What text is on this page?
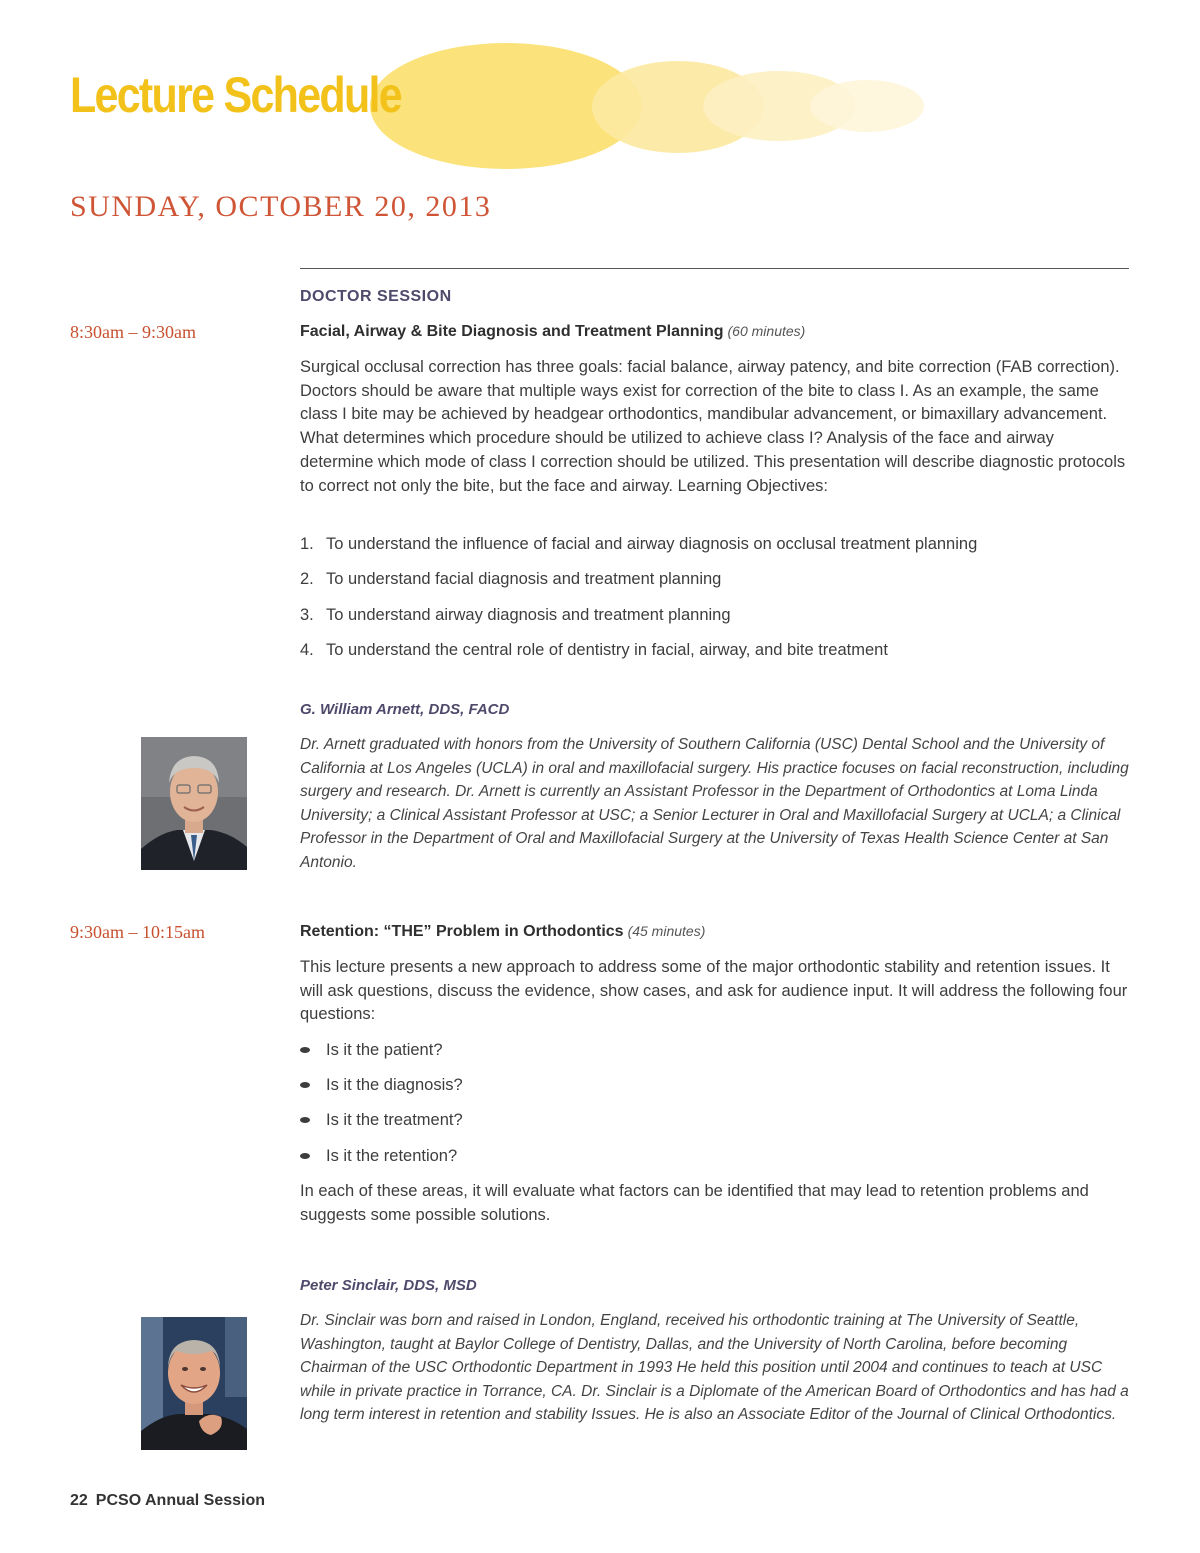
Lecture Schedule
SUNDAY, OCTOBER 20, 2013
DOCTOR SESSION
8:30am – 9:30am	Facial, Airway & Bite Diagnosis and Treatment Planning (60 minutes)

Surgical occlusal correction has three goals: facial balance, airway patency, and bite correction (FAB correction). Doctors should be aware that multiple ways exist for correction of the bite to class I. As an example, the same class I bite may be achieved by headgear orthodontics, mandibular advancement, or bimaxillary advancement. What determines which procedure should be utilized to achieve class I? Analysis of the face and airway determine which mode of class I correction should be utilized. This presentation will describe diagnostic protocols to correct not only the bite, but the face and airway. Learning Objectives:

1. To understand the influence of facial and airway diagnosis on occlusal treatment planning
2. To understand facial diagnosis and treatment planning
3. To understand airway diagnosis and treatment planning
4. To understand the central role of dentistry in facial, airway, and bite treatment
G. William Arnett, DDS, FACD

Dr. Arnett graduated with honors from the University of Southern California (USC) Dental School and the University of California at Los Angeles (UCLA) in oral and maxillofacial surgery. His practice focuses on facial reconstruction, including surgery and research. Dr. Arnett is currently an Assistant Professor in the Department of Orthodontics at Loma Linda University; a Clinical Assistant Professor at USC; a Senior Lecturer in Oral and Maxillofacial Surgery at UCLA; a Clinical Professor in the Department of Oral and Maxillofacial Surgery at the University of Texas Health Science Center at San Antonio.

9:30am – 10:15am	Retention: “THE” Problem in Orthodontics (45 minutes)

This lecture presents a new approach to address some of the major orthodontic stability and retention issues. It will ask questions, discuss the evidence, show cases, and ask for audience input. It will address the following four questions:

Is it the patient?
Is it the diagnosis?
Is it the treatment?
Is it the retention?

In each of these areas, it will evaluate what factors can be identified that may lead to retention problems and suggests some possible solutions.

Peter Sinclair, DDS, MSD

Dr. Sinclair was born and raised in London, England, received his orthodontic training at The University of Seattle, Washington, taught at Baylor College of Dentistry, Dallas, and the University of North Carolina, before becoming Chairman of the USC Orthodontic Department in 1993 He held this position until 2004 and continues to teach at USC while in private practice in Torrance, CA. Dr. Sinclair is a Diplomate of the American Board of Orthodontics and has had a long term interest in retention and stability Issues. He is also an Associate Editor of the Journal of Clinical Orthodontics.

22 PCSO Annual Session
